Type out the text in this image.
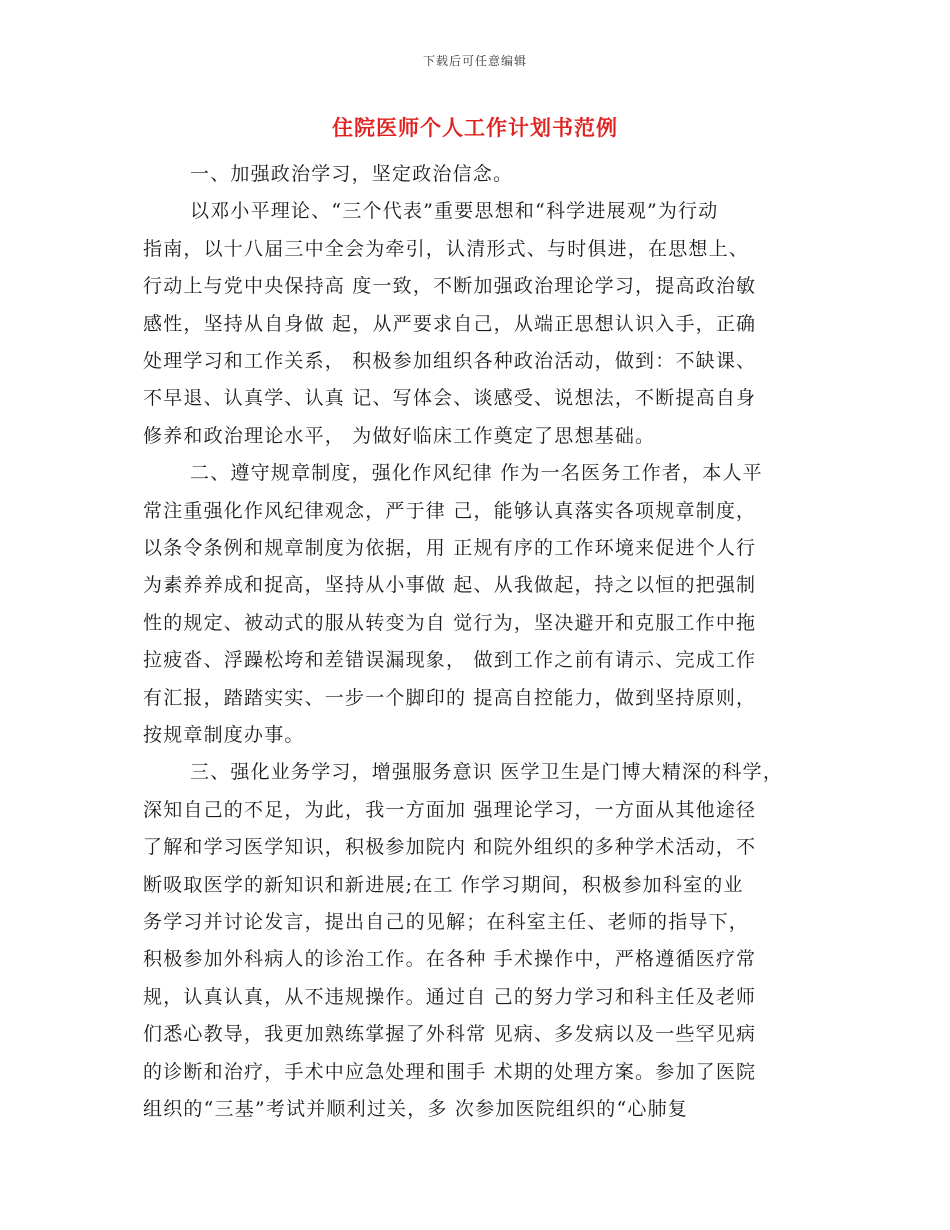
下载后可任意编辑
住院医师个人工作计划书范例
一、加强政治学习，坚定政治信念。
以邓小平理论、“三个代表”重要思想和“科学进展观”为行动
指南，以十八届三中全会为牵引，认清形式、与时俱进，在思想上、
行动上与党中央保持高 度一致，不断加强政治理论学习，提高政治敏
感性，坚持从自身做 起，从严要求自己，从端正思想认识入手，正确
处理学习和工作关系， 积极参加组织各种政治活动，做到：不缺课、
不早退、认真学、认真 记、写体会、谈感受、说想法，不断提高自身
修养和政治理论水平， 为做好临床工作奠定了思想基础。
二、遵守规章制度，强化作风纪律 作为一名医务工作者，本人平
常注重强化作风纪律观念，严于律 己，能够认真落实各项规章制度，
以条令条例和规章制度为依据，用 正规有序的工作环境来促进个人行
为素养养成和捉高，坚持从小事做 起、从我做起，持之以恒的把强制
性的规定、被动式的服从转变为自 觉行为，坚决避开和克服工作中拖
拉疲沓、浮躁松垮和差错误漏现象， 做到工作之前有请示、完成工作
有汇报，踏踏实实、一步一个脚印的 提高自控能力，做到坚持原则，
按规章制度办事。
三、强化业务学习，增强服务意识 医学卫生是门博大精深的科学，
深知自己的不足，为此，我一方面加 强理论学习，一方面从其他途径
了解和学习医学知识，积极参加院内 和院外组织的多种学术活动，不
断吸取医学的新知识和新进展;在工 作学习期间，积极参加科室的业
务学习并讨论发言，提出自己的见解；在科室主任、老师的指导下，
积极参加外科病人的诊治工作。在各种 手术操作中，严格遵循医疗常
规，认真认真，从不违规操作。通过自 己的努力学习和科主任及老师
们悉心教导，我更加熟练掌握了外科常 见病、多发病以及一些罕见病
的诊断和治疗，手术中应急处理和围手 术期的处理方案。参加了医院
组织的“三基”考试并顺利过关，多 次参加医院组织的“心肺复
